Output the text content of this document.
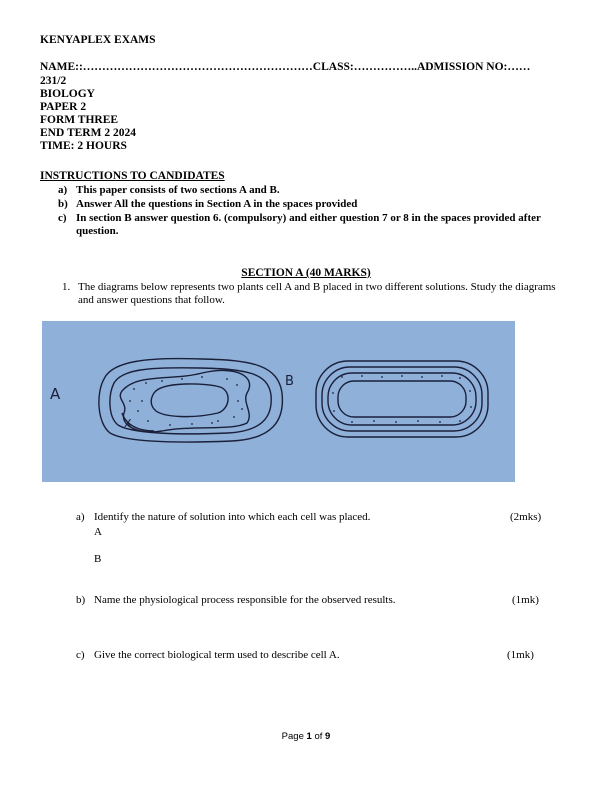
KENYAPLEX EXAMS
NAME::……………………………………………………CLASS:……………..ADMISSION NO:……
231/2
BIOLOGY
PAPER 2
FORM THREE
END TERM 2 2024
TIME: 2 HOURS
INSTRUCTIONS TO CANDIDATES
a) This paper consists of two sections A and B.
b) Answer All the questions in Section A in the spaces provided
c) In section B answer question 6. (compulsory) and either question 7 or 8 in the spaces provided after question.
SECTION A (40 MARKS)
1. The diagrams below represents two plants cell A and B placed in two different solutions. Study the diagrams and answer questions that follow.
A
X
B
a) Identify the nature of solution into which each cell was placed.	(2mks)
A
B
b) Name the physiological process responsible for the observed results.	(1mk)
c) Give the correct biological term used to describe cell A.	(1mk)
Page 1 of 9
